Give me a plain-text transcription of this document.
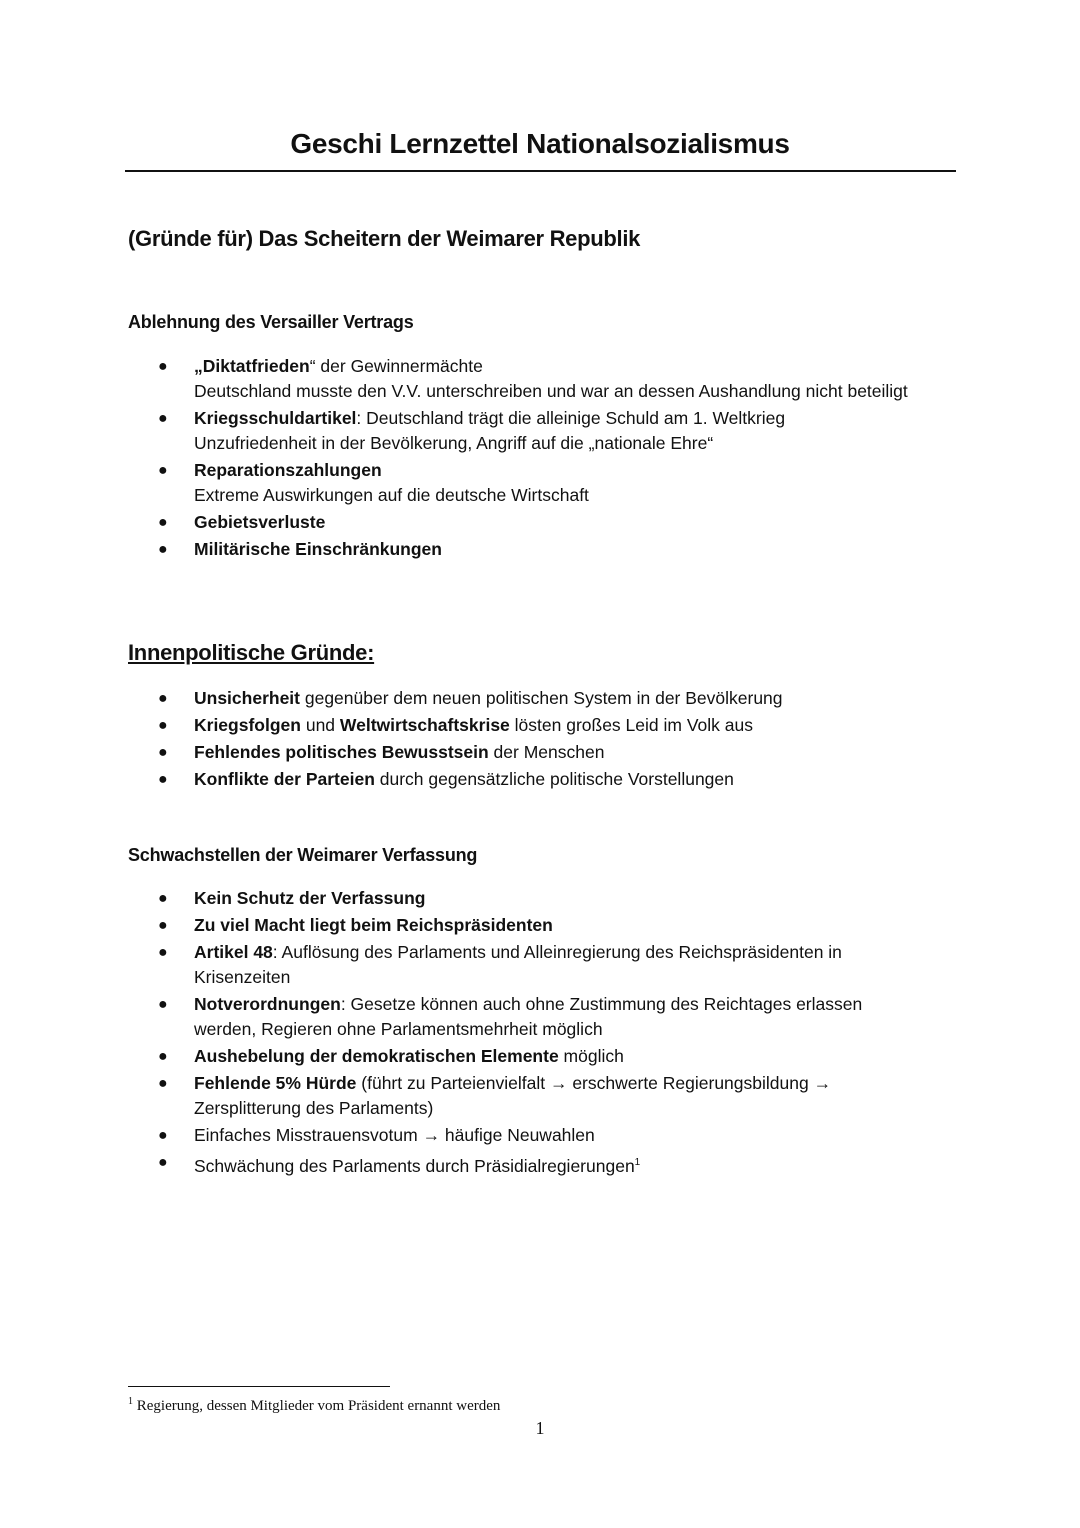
Geschi Lernzettel Nationalsozialismus
(Gründe für) Das Scheitern der Weimarer Republik
Ablehnung des Versailler Vertrags
● „Diktatfrieden“ der Gewinnermächte
Deutschland musste den V.V. unterschreiben und war an dessen Aushandlung nicht beteiligt
● Kriegsschuldartikel: Deutschland trägt die alleinige Schuld am 1. Weltkrieg
Unzufriedenheit in der Bevölkerung, Angriff auf die „nationale Ehre“
● Reparationszahlungen
Extreme Auswirkungen auf die deutsche Wirtschaft
● Gebietsverluste
● Militärische Einschränkungen
Innenpolitische Gründe:
● Unsicherheit gegenüber dem neuen politischen System in der Bevölkerung
● Kriegsfolgen und Weltwirtschaftskrise lösten großes Leid im Volk aus
● Fehlendes politisches Bewusstsein der Menschen
● Konflikte der Parteien durch gegensätzliche politische Vorstellungen
Schwachstellen der Weimarer Verfassung
● Kein Schutz der Verfassung
● Zu viel Macht liegt beim Reichspräsidenten
● Artikel 48: Auflösung des Parlaments und Alleinregierung des Reichspräsidenten in Krisenzeiten
● Notverordnungen: Gesetze können auch ohne Zustimmung des Reichtages erlassen werden, Regieren ohne Parlamentsmehrheit möglich
● Aushebelung der demokratischen Elemente möglich
● Fehlende 5% Hürde (führt zu Parteienvielfalt → erschwerte Regierungsbildung → Zersplitterung des Parlaments)
● Einfaches Misstrauensvotum → häufige Neuwahlen
● Schwächung des Parlaments durch Präsidialregierungen$^1$
$^1$ Regierung, dessen Mitglieder vom Präsident ernannt werden
1
